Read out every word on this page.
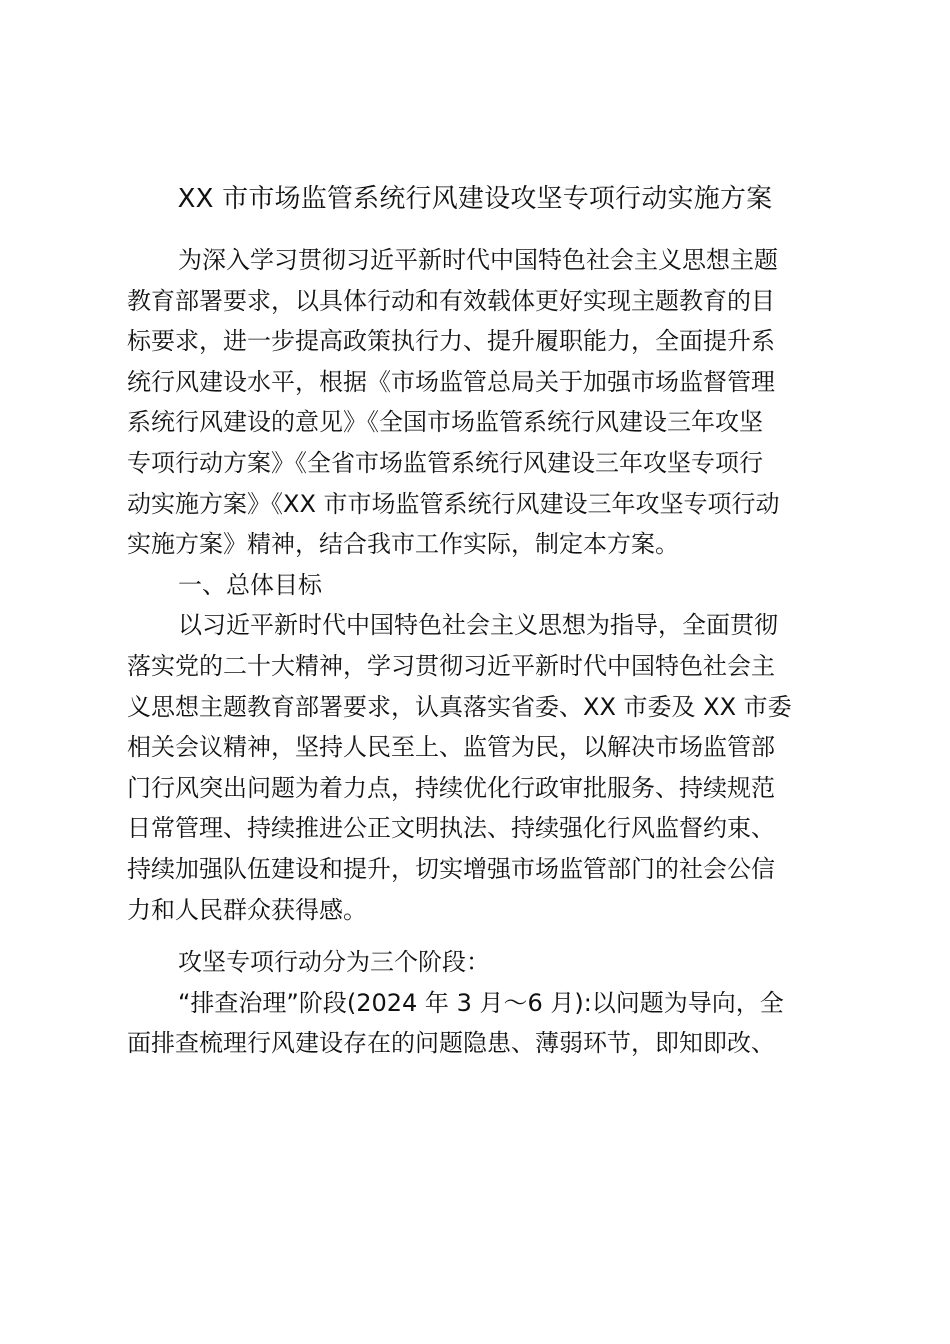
XX 市市场监管系统行风建设攻坚专项行动实施方案
为深入学习贯彻习近平新时代中国特色社会主义思想主题
教育部署要求，以具体行动和有效载体更好实现主题教育的目
标要求，进一步提高政策执行力、提升履职能力，全面提升系
统行风建设水平，根据《市场监管总局关于加强市场监督管理
系统行风建设的意见》《全国市场监管系统行风建设三年攻坚
专项行动方案》《全省市场监管系统行风建设三年攻坚专项行
动实施方案》《XX 市市场监管系统行风建设三年攻坚专项行动
实施方案》精神，结合我市工作实际，制定本方案。
一、总体目标
以习近平新时代中国特色社会主义思想为指导，全面贯彻
落实党的二十大精神，学习贯彻习近平新时代中国特色社会主
义思想主题教育部署要求，认真落实省委、XX 市委及 XX 市委
相关会议精神，坚持人民至上、监管为民，以解决市场监管部
门行风突出问题为着力点，持续优化行政审批服务、持续规范
日常管理、持续推进公正文明执法、持续强化行风监督约束、
持续加强队伍建设和提升，切实增强市场监管部门的社会公信
力和人民群众获得感。
攻坚专项行动分为三个阶段：
“排查治理”阶段(2024 年 3 月～6 月):以问题为导向，全
面排查梳理行风建设存在的问题隐患、薄弱环节，即知即改、
